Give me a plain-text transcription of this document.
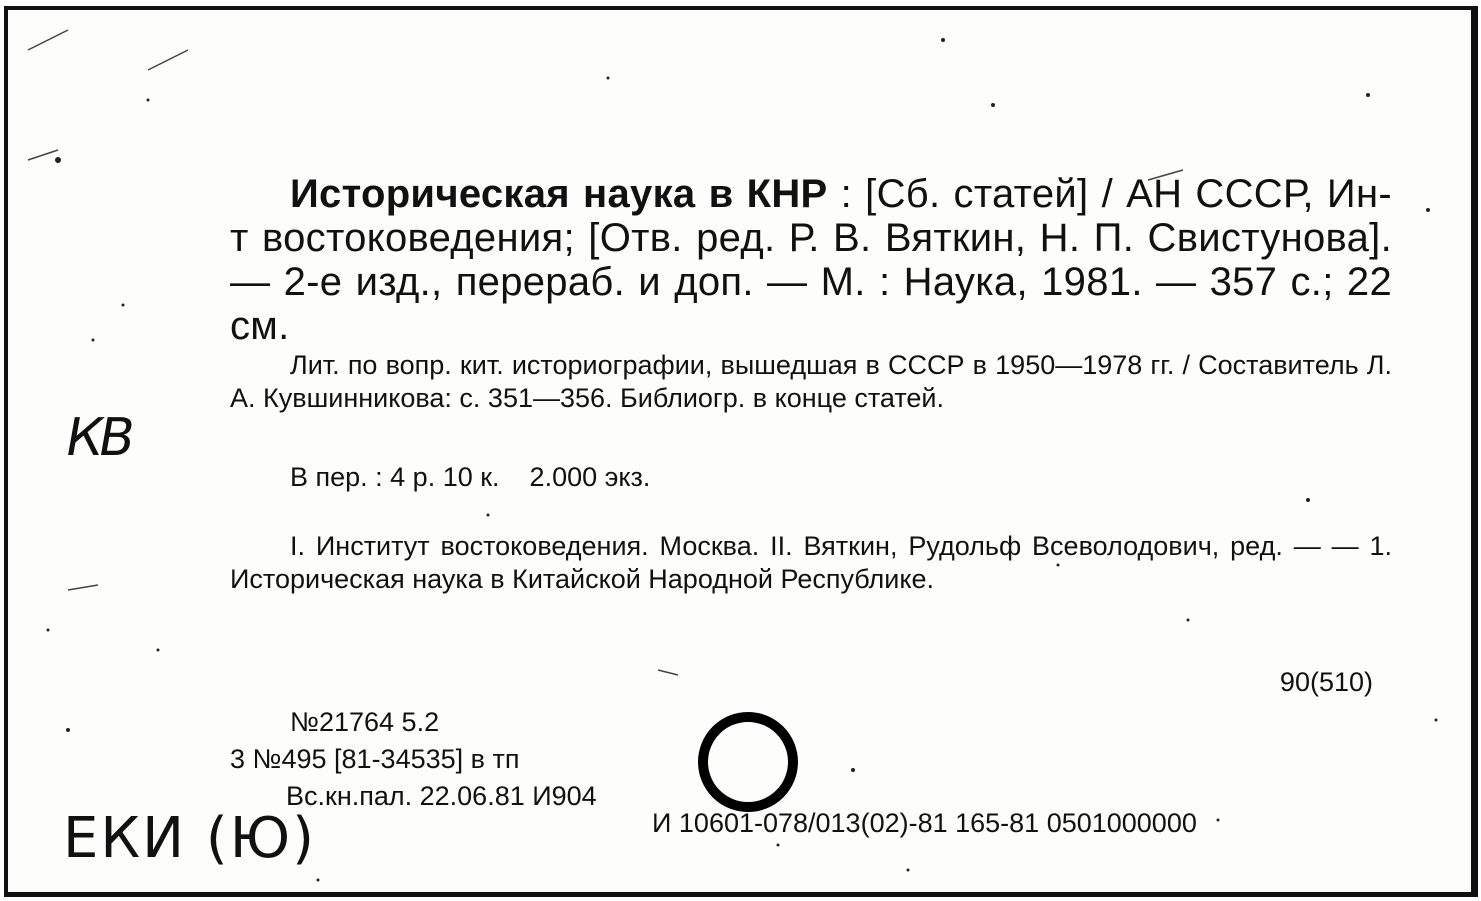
Историческая наука в КНР : [Сб. статей] / АН СССР, Ин-т востоковедения; [Отв. ред. Р. В. Вяткин, Н. П. Свистунова]. — 2-е изд., перераб. и доп. — М. : Наука, 1981. — 357 с.; 22 см.
Лит. по вопр. кит. историографии, вышедшая в СССР в 1950—1978 гг. / Составитель Л. А. Кувшинникова: с. 351—356. Библиогр. в конце статей.
В пер. : 4 р. 10 к.    2.000 экз.
I. Институт востоковедения. Москва. II. Вяткин, Рудольф Всеволодович, ред. — — 1. Историческая наука в Китайской Народной Республике.
90(510)
№21764 5.2
3 №495 [81-34535] в тп
Вс.кн.пал. 22.06.81 И904
И 10601-078/013(02)-81 165-81 0501000000
КВ
ЕКИ (Ю)
